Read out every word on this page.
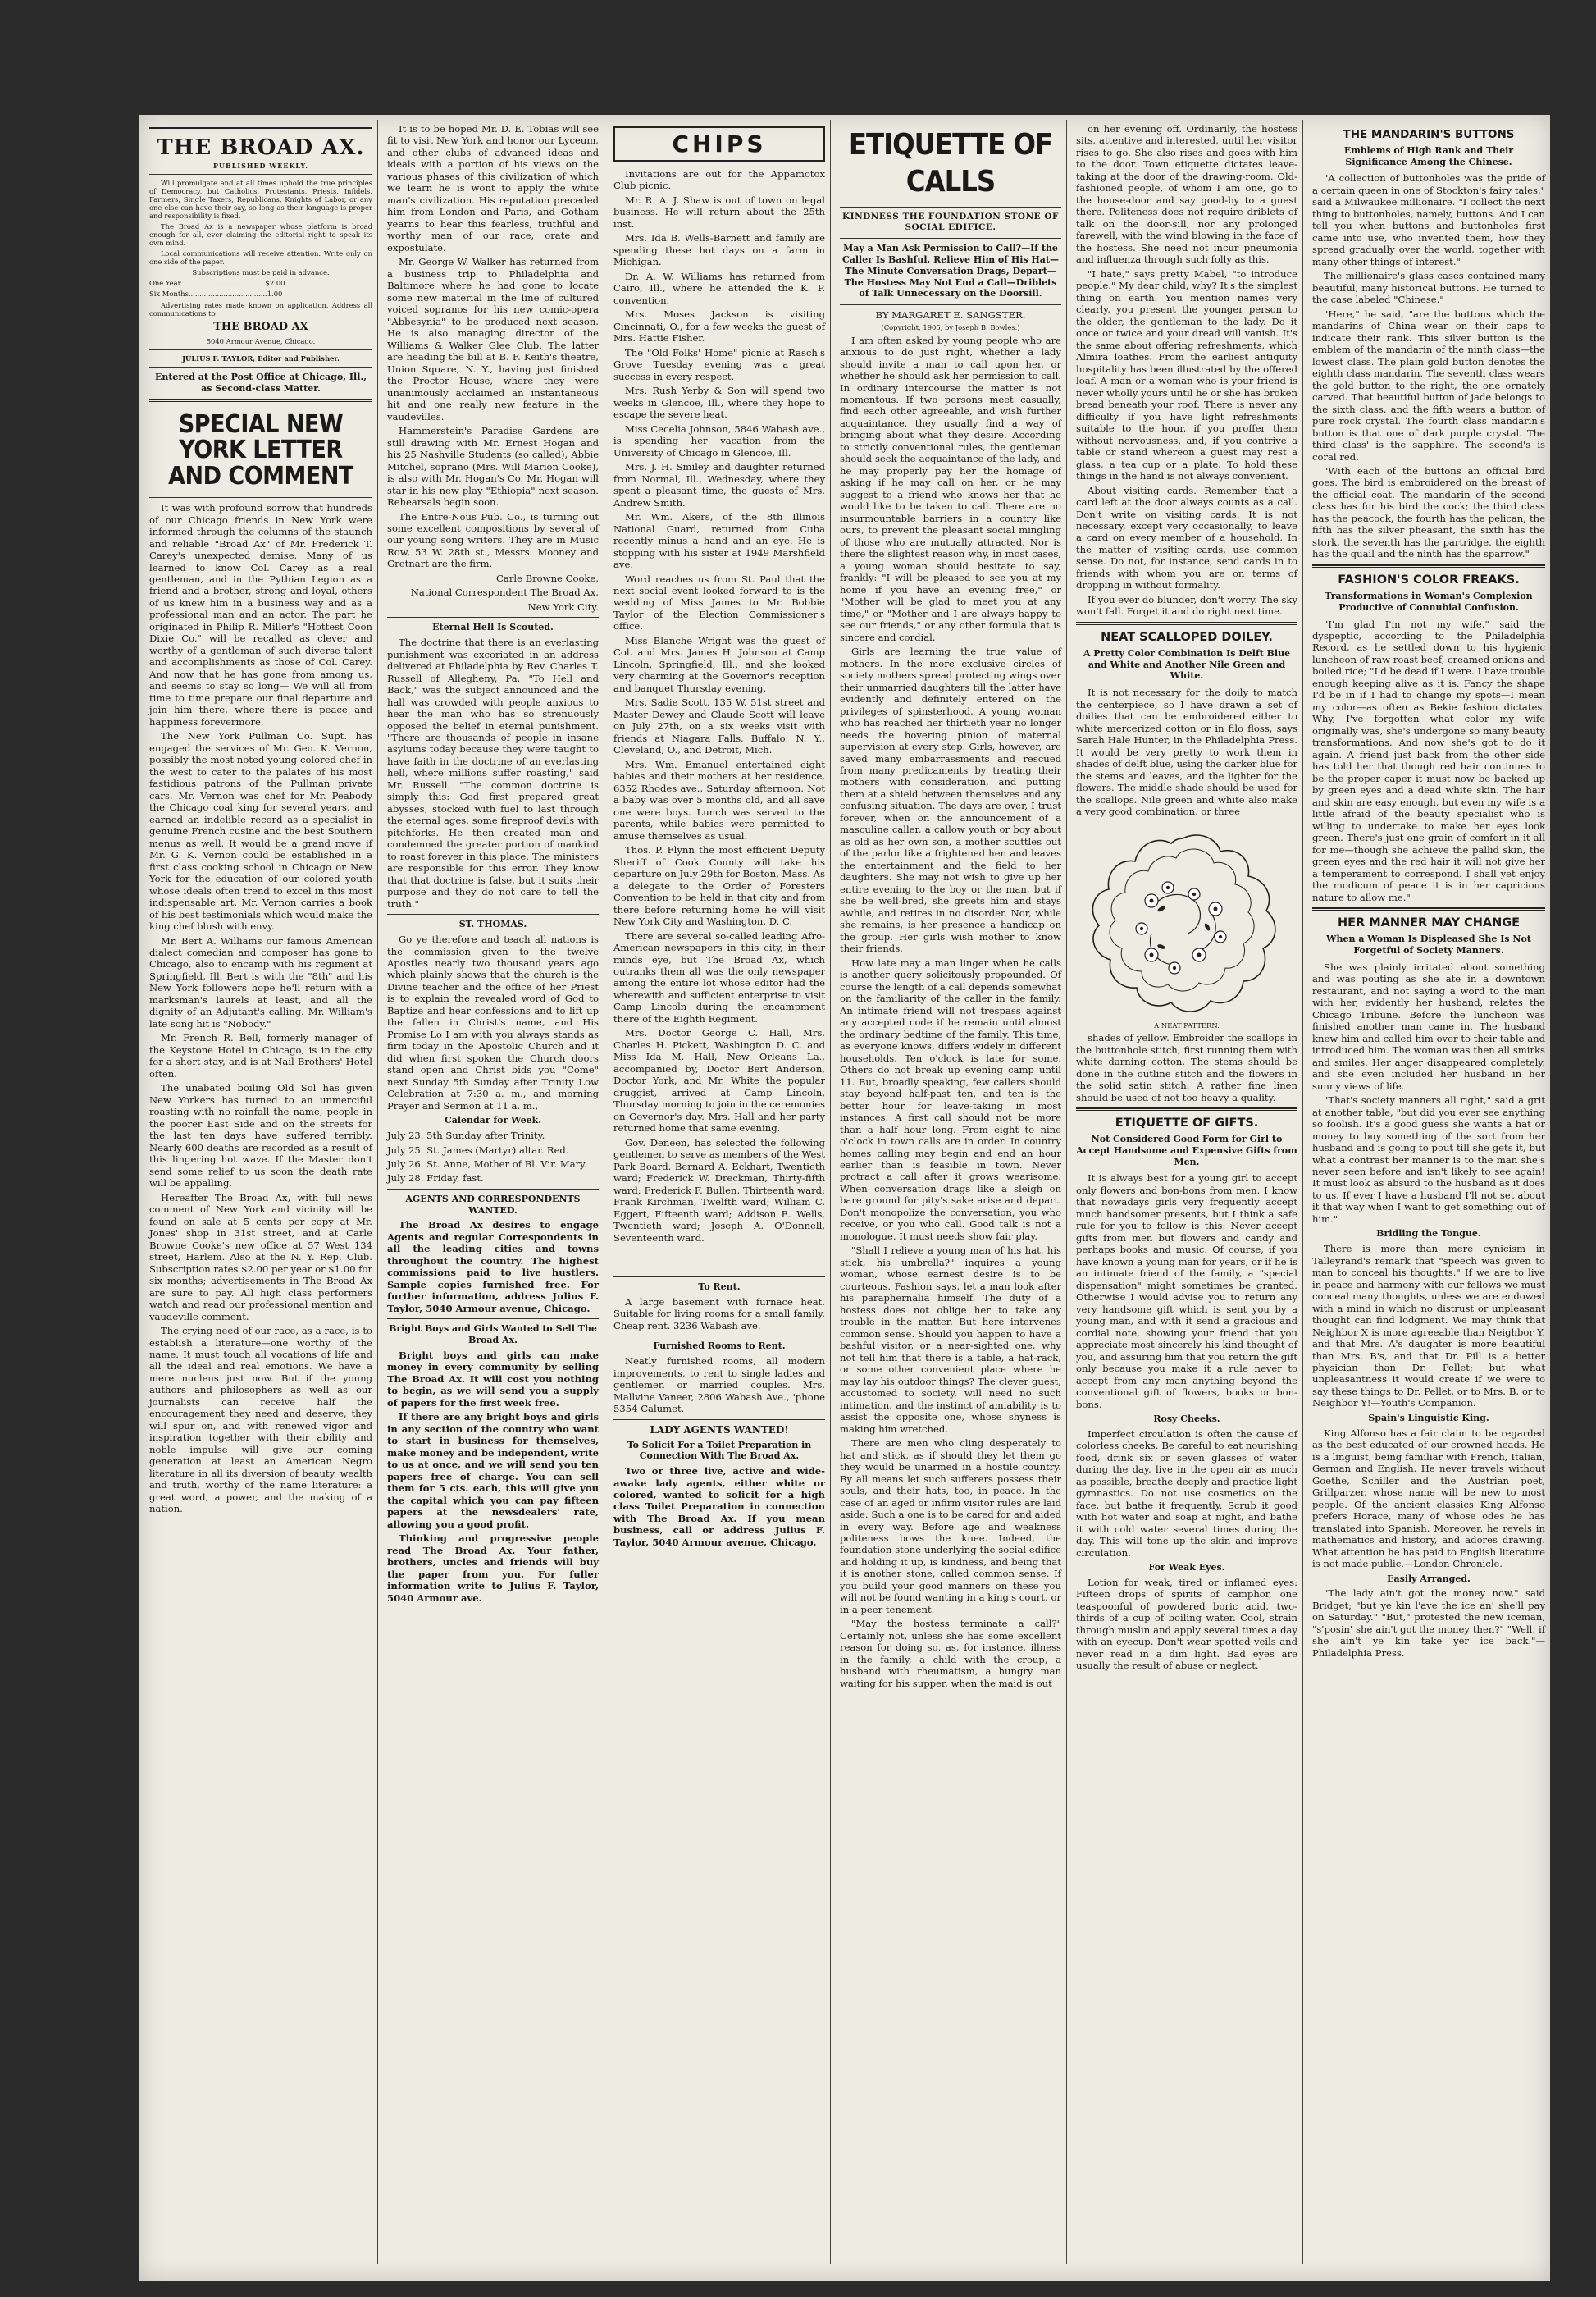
THE BROAD AX.
PUBLISHED WEEKLY.

Will promulgate and at all times uphold the true principles of Democracy, but Catholics, Protestants, Priests, Infidels, Farmers, Single Taxers, Republicans, Knights of Labor, or any one else can have their say, so long as their language is proper and responsibility is fixed.

The Broad Ax is a newspaper whose platform is broad enough for all, ever claiming the editorial right to speak its own mind.

Local communications will receive attention. Write only on one side of the paper.

Subscriptions must be paid in advance.

One Year.......................................$2.00

Six Months....................................1.00

Advertising rates made known on application. Address all communications to

THE BROAD AX

5040 Armour Avenue, Chicago.

JULIUS F. TAYLOR, Editor and Publisher.

Entered at the Post Office at Chicago, Ill., as Second-class Matter.

SPECIAL NEW YORK LETTER AND COMMENT

It was with profound sorrow that hundreds of our Chicago friends in New York were informed through the columns of the staunch and reliable "Broad Ax" of Mr. Frederick T. Carey's unexpected demise. Many of us learned to know Col. Carey as a real gentleman, and in the Pythian Legion as a friend and a brother, strong and loyal, others of us knew him in a business way and as a professional man and an actor. The part he originated in Philip R. Miller's "Hottest Coon Dixie Co." will be recalled as clever and worthy of a gentleman of such diverse talent and accomplishments as those of Col. Carey. And now that he has gone from among us, and seems to stay so long— We will all from time to time prepare our final departure and join him there, where there is peace and happiness forevermore.

The New York Pullman Co. Supt. has engaged the services of Mr. Geo. K. Vernon, possibly the most noted young colored chef in the west to cater to the palates of his most fastidious patrons of the Pullman private cars. Mr. Vernon was chef for Mr. Peabody the Chicago coal king for several years, and earned an indelible record as a specialist in genuine French cusine and the best Southern menus as well. It would be a grand move if Mr. G. K. Vernon could be established in a first class cooking school in Chicago or New York for the education of our colored youth whose ideals often trend to excel in this most indispensable art. Mr. Vernon carries a book of his best testimonials which would make the king chef blush with envy.

Mr. Bert A. Williams our famous American dialect comedian and composer has gone to Chicago, also to encamp with his regiment at Springfield, Ill. Bert is with the "8th" and his New York followers hope he'll return with a marksman's laurels at least, and all the dignity of an Adjutant's calling. Mr. William's late song hit is "Nobody."

Mr. French R. Bell, formerly manager of the Keystone Hotel in Chicago, is in the city for a short stay, and is at Nail Brothers' Hotel often.

The unabated boiling Old Sol has given New Yorkers has turned to an unmerciful roasting with no rainfall the name, people in the poorer East Side and on the streets for the last ten days have suffered terribly. Nearly 600 deaths are recorded as a result of this lingering hot wave. If the Master don't send some relief to us soon the death rate will be appalling.

Hereafter The Broad Ax, with full news comment of New York and vicinity will be found on sale at 5 cents per copy at Mr. Jones' shop in 31st street, and at Carle Browne Cooke's new office at 57 West 134 street, Harlem. Also at the N. Y. Rep. Club. Subscription rates $2.00 per year or $1.00 for six months; advertisements in The Broad Ax are sure to pay. All high class performers watch and read our professional mention and vaudeville comment.

The crying need of our race, as a race, is to establish a literature—one worthy of the name. It must touch all vocations of life and all the ideal and real emotions. We have a mere nucleus just now. But if the young authors and philosophers as well as our journalists can receive half the encouragement they need and deserve, they will spur on, and with renewed vigor and inspiration together with their ability and noble impulse will give our coming generation at least an American Negro literature in all its diversion of beauty, wealth and truth, worthy of the name literature: a great word, a power, and the making of a nation.

It is to be hoped Mr. D. E. Tobias will see fit to visit New York and honor our Lyceum, and other clubs of advanced ideas and ideals with a portion of his views on the various phases of this civilization of which we learn he is wont to apply the white man's civilization. His reputation preceded him from London and Paris, and Gotham yearns to hear this fearless, truthful and worthy man of our race, orate and expostulate.

Mr. George W. Walker has returned from a business trip to Philadelphia and Baltimore where he had gone to locate some new material in the line of cultured voiced sopranos for his new comic-opera "Abbesynia" to be produced next season. He is also managing director of the Williams & Walker Glee Club. The latter are heading the bill at B. F. Keith's theatre, Union Square, N. Y., having just finished the Proctor House, where they were unanimously acclaimed an instantaneous hit and one really new feature in the vaudevilles.

Hammerstein's Paradise Gardens are still drawing with Mr. Ernest Hogan and his 25 Nashville Students (so called), Abbie Mitchel, soprano (Mrs. Will Marion Cooke), is also with Mr. Hogan's Co. Mr. Hogan will star in his new play "Ethiopia" next season. Rehearsals begin soon.

The Entre-Nous Pub. Co., is turning out some excellent compositions by several of our young song writers. They are in Music Row, 53 W. 28th st., Messrs. Mooney and Gretnart are the firm.

Carle Browne Cooke,

National Correspondent The Broad Ax,

New York City.

Eternal Hell Is Scouted.

The doctrine that there is an everlasting punishment was excoriated in an address delivered at Philadelphia by Rev. Charles T. Russell of Allegheny, Pa. "To Hell and Back," was the subject announced and the hall was crowded with people anxious to hear the man who has so strenuously opposed the belief in eternal punishment. "There are thousands of people in insane asylums today because they were taught to have faith in the doctrine of an everlasting hell, where millions suffer roasting," said Mr. Russell. "The common doctrine is simply this: God first prepared great abysses, stocked with fuel to last through the eternal ages, some fireproof devils with pitchforks. He then created man and condemned the greater portion of mankind to roast forever in this place. The ministers are responsible for this error. They know that that doctrine is false, but it suits their purpose and they do not care to tell the truth."

ST. THOMAS.

Go ye therefore and teach all nations is the commission given to the twelve Apostles nearly two thousand years ago which plainly shows that the church is the Divine teacher and the office of her Priest is to explain the revealed word of God to Baptize and hear confessions and to lift up the fallen in Christ's name, and His Promise Lo I am with you always stands as firm today in the Apostolic Church and it did when first spoken the Church doors stand open and Christ bids you "Come" next Sunday 5th Sunday after Trinity Low Celebration at 7:30 a. m., and morning Prayer and Sermon at 11 a. m.,

Calendar for Week.

July 23. 5th Sunday after Trinity.

July 25. St. James (Martyr) altar. Red.

July 26. St. Anne, Mother of Bl. Vir. Mary.

July 28. Friday, fast.

AGENTS AND CORRESPONDENTS WANTED.

The Broad Ax desires to engage Agents and regular Correspondents in all the leading cities and towns throughout the country. The highest commissions paid to live hustlers. Sample copies furnished free. For further information, address Julius F. Taylor, 5040 Armour avenue, Chicago.

Bright Boys and Girls Wanted to Sell The Broad Ax.

Bright boys and girls can make money in every community by selling The Broad Ax. It will cost you nothing to begin, as we will send you a supply of papers for the first week free.

If there are any bright boys and girls in any section of the country who want to start in business for themselves, make money and be independent, write to us at once, and we will send you ten papers free of charge. You can sell them for 5 cts. each, this will give you the capital which you can pay fifteen papers at the newsdealers' rate, allowing you a good profit.

Thinking and progressive people read The Broad Ax. Your father, brothers, uncles and friends will buy the paper from you. For fuller information write to Julius F. Taylor, 5040 Armour ave.

CHIPS

Invitations are out for the Appamotox Club picnic.

Mr. R. A. J. Shaw is out of town on legal business. He will return about the 25th inst.

Mrs. Ida B. Wells-Barnett and family are spending these hot days on a farm in Michigan.

Dr. A. W. Williams has returned from Cairo, Ill., where he attended the K. P. convention.

Mrs. Moses Jackson is visiting Cincinnati, O., for a few weeks the guest of Mrs. Hattie Fisher.

The "Old Folks' Home" picnic at Rasch's Grove Tuesday evening was a great success in every respect.

Mrs. Rush Yerby & Son will spend two weeks in Glencoe, Ill., where they hope to escape the severe heat.

Miss Cecelia Johnson, 5846 Wabash ave., is spending her vacation from the University of Chicago in Glencoe, Ill.

Mrs. J. H. Smiley and daughter returned from Normal, Ill., Wednesday, where they spent a pleasant time, the guests of Mrs. Andrew Smith.

Mr. Wm. Akers, of the 8th Illinois National Guard, returned from Cuba recently minus a hand and an eye. He is stopping with his sister at 1949 Marshfield ave.

Word reaches us from St. Paul that the next social event looked forward to is the wedding of Miss James to Mr. Bobbie Taylor of the Election Commissioner's office.

Miss Blanche Wright was the guest of Col. and Mrs. James H. Johnson at Camp Lincoln, Springfield, Ill., and she looked very charming at the Governor's reception and banquet Thursday evening.

Mrs. Sadie Scott, 135 W. 51st street and Master Dewey and Claude Scott will leave on July 27th, on a six weeks visit with friends at Niagara Falls, Buffalo, N. Y., Cleveland, O., and Detroit, Mich.

Mrs. Wm. Emanuel entertained eight babies and their mothers at her residence, 6352 Rhodes ave., Saturday afternoon. Not a baby was over 5 months old, and all save one were boys. Lunch was served to the parents, while babies were permitted to amuse themselves as usual.

Thos. P. Flynn the most efficient Deputy Sheriff of Cook County will take his departure on July 29th for Boston, Mass. As a delegate to the Order of Foresters Convention to be held in that city and from there before returning home he will visit New York City and Washington, D. C.

There are several so-called leading Afro-American newspapers in this city, in their minds eye, but The Broad Ax, which outranks them all was the only newspaper among the entire lot whose editor had the wherewith and sufficient enterprise to visit Camp Lincoln during the encampment there of the Eighth Regiment.

Mrs. Doctor George C. Hall, Mrs. Charles H. Pickett, Washington D. C. and Miss Ida M. Hall, New Orleans La., accompanied by, Doctor Bert Anderson, Doctor York, and Mr. White the popular druggist, arrived at Camp Lincoln, Thursday morning to join in the ceremonies on Governor's day. Mrs. Hall and her party returned home that same evening.

Gov. Deneen, has selected the following gentlemen to serve as members of the West Park Board. Bernard A. Eckhart, Twentieth ward; Frederick W. Dreckman, Thirty-fifth ward; Frederick F. Bullen, Thirteenth ward; Frank Kirchman, Twelfth ward; William C. Eggert, Fifteenth ward; Addison E. Wells, Twentieth ward; Joseph A. O'Donnell, Seventeenth ward.

To Rent.

A large basement with furnace heat. Suitable for living rooms for a small family. Cheap rent. 3236 Wabash ave.

Furnished Rooms to Rent.

Neatly furnished rooms, all modern improvements, to rent to single ladies and gentlemen or married couples. Mrs. Mallvine Vaneer, 2806 Wabash Ave., 'phone 5354 Calumet.

LADY AGENTS WANTED!
To Solicit For a Toilet Preparation in Connection With The Broad Ax.

Two or three live, active and wide-awake lady agents, either white or colored, wanted to solicit for a high class Toilet Preparation in connection with The Broad Ax. If you mean business, call or address Julius F. Taylor, 5040 Armour avenue, Chicago.

ETIQUETTE OF CALLS
KINDNESS THE FOUNDATION STONE OF SOCIAL EDIFICE.
May a Man Ask Permission to Call?—If the Caller Is Bashful, Relieve Him of His Hat—The Minute Conversation Drags, Depart—The Hostess May Not End a Call—Driblets of Talk Unnecessary on the Doorsill.

BY MARGARET E. SANGSTER.

(Copyright, 1905, by Joseph B. Bowles.)

I am often asked by young people who are anxious to do just right, whether a lady should invite a man to call upon her, or whether he should ask her permission to call. In ordinary intercourse the matter is not momentous. If two persons meet casually, find each other agreeable, and wish further acquaintance, they usually find a way of bringing about what they desire. According to strictly conventional rules, the gentleman should seek the acquaintance of the lady, and he may properly pay her the homage of asking if he may call on her, or he may suggest to a friend who knows her that he would like to be taken to call. There are no insurmountable barriers in a country like ours, to prevent the pleasant social mingling of those who are mutually attracted. Nor is there the slightest reason why, in most cases, a young woman should hesitate to say, frankly: "I will be pleased to see you at my home if you have an evening free," or "Mother will be glad to meet you at any time," or "Mother and I are always happy to see our friends," or any other formula that is sincere and cordial.

Girls are learning the true value of mothers. In the more exclusive circles of society mothers spread protecting wings over their unmarried daughters till the latter have evidently and definitely entered on the privileges of spinsterhood. A young woman who has reached her thirtieth year no longer needs the hovering pinion of maternal supervision at every step. Girls, however, are saved many embarrassments and rescued from many predicaments by treating their mothers with consideration, and putting them at a shield between themselves and any confusing situation. The days are over, I trust forever, when on the announcement of a masculine caller, a callow youth or boy about as old as her own son, a mother scuttles out of the parlor like a frightened hen and leaves the entertainment and the field to her daughters. She may not wish to give up her entire evening to the boy or the man, but if she be well-bred, she greets him and stays awhile, and retires in no disorder. Nor, while she remains, is her presence a handicap on the group. Her girls wish mother to know their friends.

How late may a man linger when he calls is another query solicitously propounded. Of course the length of a call depends somewhat on the familiarity of the caller in the family. An intimate friend will not trespass against any accepted code if he remain until almost the ordinary bedtime of the family. This time, as everyone knows, differs widely in different households. Ten o'clock is late for some. Others do not break up evening camp until 11. But, broadly speaking, few callers should stay beyond half-past ten, and ten is the better hour for leave-taking in most instances. A first call should not be more than a half hour long. From eight to nine o'clock in town calls are in order. In country homes calling may begin and end an hour earlier than is feasible in town. Never protract a call after it grows wearisome. When conversation drags like a sleigh on bare ground for pity's sake arise and depart. Don't monopolize the conversation, you who receive, or you who call. Good talk is not a monologue. It must needs show fair play.

"Shall I relieve a young man of his hat, his stick, his umbrella?" inquires a young woman, whose earnest desire is to be courteous. Fashion says, let a man look after his paraphernalia himself. The duty of a hostess does not oblige her to take any trouble in the matter. But here intervenes common sense. Should you happen to have a bashful visitor, or a near-sighted one, why not tell him that there is a table, a hat-rack, or some other convenient place where he may lay his outdoor things? The clever guest, accustomed to society, will need no such intimation, and the instinct of amiability is to assist the opposite one, whose shyness is making him wretched.

There are men who cling desperately to hat and stick, as if should they let them go they would be unarmed in a hostile country. By all means let such sufferers possess their souls, and their hats, too, in peace. In the case of an aged or infirm visitor rules are laid aside. Such a one is to be cared for and aided in every way. Before age and weakness politeness bows the knee. Indeed, the foundation stone underlying the social edifice and holding it up, is kindness, and being that it is another stone, called common sense. If you build your good manners on these you will not be found wanting in a king's court, or in a peer tenement.

"May the hostess terminate a call?" Certainly not, unless she has some excellent reason for doing so, as, for instance, illness in the family, a child with the croup, a husband with rheumatism, a hungry man waiting for his supper, when the maid is out

on her evening off. Ordinarily, the hostess sits, attentive and interested, until her visitor rises to go. She also rises and goes with him to the door. Town etiquette dictates leave-taking at the door of the drawing-room. Old-fashioned people, of whom I am one, go to the house-door and say good-by to a guest there. Politeness does not require driblets of talk on the door-sill, nor any prolonged farewell, with the wind blowing in the face of the hostess. She need not incur pneumonia and influenza through such folly as this.

"I hate," says pretty Mabel, "to introduce people." My dear child, why? It's the simplest thing on earth. You mention names very clearly, you present the younger person to the older, the gentleman to the lady. Do it once or twice and your dread will vanish. It's the same about offering refreshments, which Almira loathes. From the earliest antiquity hospitality has been illustrated by the offered loaf. A man or a woman who is your friend is never wholly yours until he or she has broken bread beneath your roof. There is never any difficulty if you have light refreshments suitable to the hour, if you proffer them without nervousness, and, if you contrive a table or stand whereon a guest may rest a glass, a tea cup or a plate. To hold these things in the hand is not always convenient.

About visiting cards. Remember that a card left at the door always counts as a call. Don't write on visiting cards. It is not necessary, except very occasionally, to leave a card on every member of a household. In the matter of visiting cards, use common sense. Do not, for instance, send cards in to friends with whom you are on terms of dropping in without formality.

If you ever do blunder, don't worry. The sky won't fall. Forget it and do right next time.

NEAT SCALLOPED DOILEY.
A Pretty Color Combination Is Delft Blue and White and Another Nile Green and White.

It is not necessary for the doily to match the centerpiece, so I have drawn a set of doilies that can be embroidered either to white mercerized cotton or in filo floss, says Sarah Hale Hunter, in the Philadelphia Press. It would be very pretty to work them in shades of delft blue, using the darker blue for the stems and leaves, and the lighter for the flowers. The middle shade should be used for the scallops. Nile green and white also make a very good combination, or three

A NEAT PATTERN.

shades of yellow. Embroider the scallops in the buttonhole stitch, first running them with white darning cotton. The stems should be done in the outline stitch and the flowers in the solid satin stitch. A rather fine linen should be used of not too heavy a quality.

ETIQUETTE OF GIFTS.
Not Considered Good Form for Girl to Accept Handsome and Expensive Gifts from Men.

It is always best for a young girl to accept only flowers and bon-bons from men. I know that nowadays girls very frequently accept much handsomer presents, but I think a safe rule for you to follow is this: Never accept gifts from men but flowers and candy and perhaps books and music. Of course, if you have known a young man for years, or if he is an intimate friend of the family, a "special dispensation" might sometimes be granted. Otherwise I would advise you to return any very handsome gift which is sent you by a young man, and with it send a gracious and cordial note, showing your friend that you appreciate most sincerely his kind thought of you, and assuring him that you return the gift only because you make it a rule never to accept from any man anything beyond the conventional gift of flowers, books or bon-bons.

Rosy Cheeks.

Imperfect circulation is often the cause of colorless cheeks. Be careful to eat nourishing food, drink six or seven glasses of water during the day, live in the open air as much as possible, breathe deeply and practice light gymnastics. Do not use cosmetics on the face, but bathe it frequently. Scrub it good with hot water and soap at night, and bathe it with cold water several times during the day. This will tone up the skin and improve circulation.

For Weak Eyes.

Lotion for weak, tired or inflamed eyes: Fifteen drops of spirits of camphor, one teaspoonful of powdered boric acid, two-thirds of a cup of boiling water. Cool, strain through muslin and apply several times a day with an eyecup. Don't wear spotted veils and never read in a dim light. Bad eyes are usually the result of abuse or neglect.

THE MANDARIN'S BUTTONS
Emblems of High Rank and Their Significance Among the Chinese.

"A collection of buttonholes was the pride of a certain queen in one of Stockton's fairy tales," said a Milwaukee millionaire. "I collect the next thing to buttonholes, namely, buttons. And I can tell you when buttons and buttonholes first came into use, who invented them, how they spread gradually over the world, together with many other things of interest."

The millionaire's glass cases contained many beautiful, many historical buttons. He turned to the case labeled "Chinese."

"Here," he said, "are the buttons which the mandarins of China wear on their caps to indicate their rank. This silver button is the emblem of the mandarin of the ninth class—the lowest class. The plain gold button denotes the eighth class mandarin. The seventh class wears the gold button to the right, the one ornately carved. That beautiful button of jade belongs to the sixth class, and the fifth wears a button of pure rock crystal. The fourth class mandarin's button is that one of dark purple crystal. The third class' is the sapphire. The second's is coral red.

"With each of the buttons an official bird goes. The bird is embroidered on the breast of the official coat. The mandarin of the second class has for his bird the cock; the third class has the peacock, the fourth has the pelican, the fifth has the silver pheasant, the sixth has the stork, the seventh has the partridge, the eighth has the quail and the ninth has the sparrow."

FASHION'S COLOR FREAKS.
Transformations in Woman's Complexion Productive of Connubial Confusion.

"I'm glad I'm not my wife," said the dyspeptic, according to the Philadelphia Record, as he settled down to his hygienic luncheon of raw roast beef, creamed onions and boiled rice; "I'd be dead if I were. I have trouble enough keeping alive as it is. Fancy the shape I'd be in if I had to change my spots—I mean my color—as often as Bekie fashion dictates. Why, I've forgotten what color my wife originally was, she's undergone so many beauty transformations. And now she's got to do it again. A friend just back from the other side has told her that though red hair continues to be the proper caper it must now be backed up by green eyes and a dead white skin. The hair and skin are easy enough, but even my wife is a little afraid of the beauty specialist who is willing to undertake to make her eyes look green. There's just one grain of comfort in it all for me—though she achieve the pallid skin, the green eyes and the red hair it will not give her a temperament to correspond. I shall yet enjoy the modicum of peace it is in her capricious nature to allow me."

HER MANNER MAY CHANGE
When a Woman Is Displeased She Is Not Forgetful of Society Manners.

She was plainly irritated about something and was pouting as she ate in a downtown restaurant, and not saying a word to the man with her, evidently her husband, relates the Chicago Tribune. Before the luncheon was finished another man came in. The husband knew him and called him over to their table and introduced him. The woman was then all smirks and smiles. Her anger disappeared completely, and she even included her husband in her sunny views of life.

"That's society manners all right," said a grit at another table, "but did you ever see anything so foolish. It's a good guess she wants a hat or money to buy something of the sort from her husband and is going to pout till she gets it, but what a contrast her manner is to the man she's never seen before and isn't likely to see again! It must look as absurd to the husband as it does to us. If ever I have a husband I'll not set about it that way when I want to get something out of him."

Bridling the Tongue.

There is more than mere cynicism in Talleyrand's remark that "speech was given to man to conceal his thoughts." If we are to live in peace and harmony with our fellows we must conceal many thoughts, unless we are endowed with a mind in which no distrust or unpleasant thought can find lodgment. We may think that Neighbor X is more agreeable than Neighbor Y, and that Mrs. A's daughter is more beautiful than Mrs. B's, and that Dr. Pill is a better physician than Dr. Pellet; but what unpleasantness it would create if we were to say these things to Dr. Pellet, or to Mrs. B, or to Neighbor Y!—Youth's Companion.

Spain's Linguistic King.

King Alfonso has a fair claim to be regarded as the best educated of our crowned heads. He is a linguist, being familiar with French, Italian, German and English. He never travels without Goethe, Schiller and the Austrian poet, Grillparzer, whose name will be new to most people. Of the ancient classics King Alfonso prefers Horace, many of whose odes he has translated into Spanish. Moreover, he revels in mathematics and history, and adores drawing. What attention he has paid to English literature is not made public.—London Chronicle.

Easily Arranged.

"The lady ain't got the money now," said Bridget; "but ye kin l'ave the ice an' she'll pay on Saturday." "But," protested the new iceman, "s'posin' she ain't got the money then?" "Well, if she ain't ye kin take yer ice back."—Philadelphia Press.
